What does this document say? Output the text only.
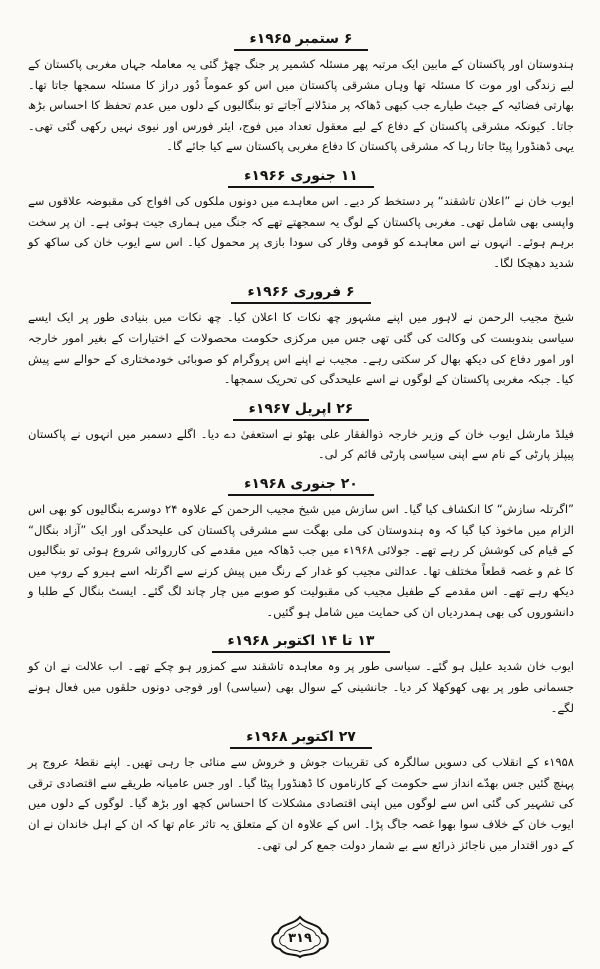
۶ ستمبر ۱۹۶۵ء

ہندوستان اور پاکستان کے مابین ایک مرتبہ پھر مسئلہ کشمیر پر جنگ چھڑ گئی یہ معاملہ جہاں مغربی پاکستان کے لیے زندگی اور موت کا مسئلہ تھا وہاں مشرقی پاکستان میں اس کو عموماً دُور دراز کا مسئلہ سمجھا جاتا تھا۔ بھارتی فضائیہ کے جیٹ طیارے جب کبھی ڈھاکہ پر منڈلانے آجاتے تو بنگالیوں کے دلوں میں عدم تحفظ کا احساس بڑھ جاتا۔ کیونکہ مشرقی پاکستان کے دفاع کے لیے معقول تعداد میں فوج، ایئر فورس اور نیوی نہیں رکھی گئی تھی۔ یہی ڈھنڈورا پیٹا جاتا رہا کہ مشرقی پاکستان کا دفاع مغربی پاکستان سے کیا جائے گا۔

۱۱ جنوری ۱۹۶۶ء

ایوب خان نے ”اعلان تاشقند“ پر دستخط کر دیے۔ اس معاہدے میں دونوں ملکوں کی افواج کی مقبوضہ علاقوں سے واپسی بھی شامل تھی۔ مغربی پاکستان کے لوگ یہ سمجھتے تھے کہ جنگ میں ہماری جیت ہوئی ہے۔ ان پر سخت برہم ہوئے۔ انہوں نے اس معاہدے کو قومی وقار کی سودا بازی پر محمول کیا۔ اس سے ایوب خان کی ساکھ کو شدید دھچکا لگا۔

۶ فروری ۱۹۶۶ء

شیخ مجیب الرحمن نے لاہور میں اپنے مشہور چھ نکات کا اعلان کیا۔ چھ نکات میں بنیادی طور پر ایک ایسے سیاسی بندوبست کی وکالت کی گئی تھی جس میں مرکزی حکومت محصولات کے اختیارات کے بغیر امور خارجہ اور امور دفاع کی دیکھ بھال کر سکتی رہے۔ مجیب نے اپنے اس پروگرام کو صوبائی خودمختاری کے حوالے سے پیش کیا۔ جبکہ مغربی پاکستان کے لوگوں نے اسے علیحدگی کی تحریک سمجھا۔

۲۶ اپریل ۱۹۶۷ء

فیلڈ مارشل ایوب خان کے وزیر خارجہ ذوالفقار علی بھٹو نے استعفیٰ دے دیا۔ اگلے دسمبر میں انہوں نے پاکستان پیپلز پارٹی کے نام سے اپنی سیاسی پارٹی قائم کر لی۔

۲۰ جنوری ۱۹۶۸ء

”اگرتلہ سازش“ کا انکشاف کیا گیا۔ اس سازش میں شیخ مجیب الرحمن کے علاوہ ۲۴ دوسرے بنگالیوں کو بھی اس الزام میں ماخوذ کیا گیا کہ وہ ہندوستان کی ملی بھگت سے مشرقی پاکستان کی علیحدگی اور ایک ”آزاد بنگال“ کے قیام کی کوشش کر رہے تھے۔ جولائی ۱۹۶۸ء میں جب ڈھاکہ میں مقدمے کی کارروائی شروع ہوئی تو بنگالیوں کا غم و غصہ قطعاً مختلف تھا۔ عدالتی مجیب کو غدار کے رنگ میں پیش کرنے سے اگرتلہ اسے ہیرو کے روپ میں دیکھ رہے تھے۔ اس مقدمے کے طفیل مجیب کی مقبولیت کو صوبے میں چار چاند لگ گئے۔ ایسٹ بنگال کے طلبا و دانشوروں کی بھی ہمدردیاں ان کی حمایت میں شامل ہو گئیں۔

۱۳ تا ۱۴ اکتوبر ۱۹۶۸ء

ایوب خان شدید علیل ہو گئے۔ سیاسی طور پر وہ معاہدہ تاشقند سے کمزور ہو چکے تھے۔ اب علالت نے ان کو جسمانی طور پر بھی کھوکھلا کر دیا۔ جانشینی کے سوال بھی (سیاسی) اور فوجی دونوں حلقوں میں فعال ہونے لگے۔

۲۷ اکتوبر ۱۹۶۸ء

۱۹۵۸ء کے انقلاب کی دسویں سالگرہ کی تقریبات جوش و خروش سے منائی جا رہی تھیں۔ اپنے نقطۂ عروج پر پہنچ گئیں جس بھدّے انداز سے حکومت کے کارناموں کا ڈھنڈورا پیٹا گیا۔ اور جس عامیانہ طریقے سے اقتصادی ترقی کی تشہیر کی گئی اس سے لوگوں میں اپنی اقتصادی مشکلات کا احساس کچھ اور بڑھ گیا۔ لوگوں کے دلوں میں ایوب خان کے خلاف سوا بھوا غصہ جاگ پڑا۔ اس کے علاوہ ان کے متعلق یہ تاثر عام تھا کہ ان کے اہل خاندان نے ان کے دور اقتدار میں ناجائز ذرائع سے بے شمار دولت جمع کر لی تھی۔

۳۱۹
